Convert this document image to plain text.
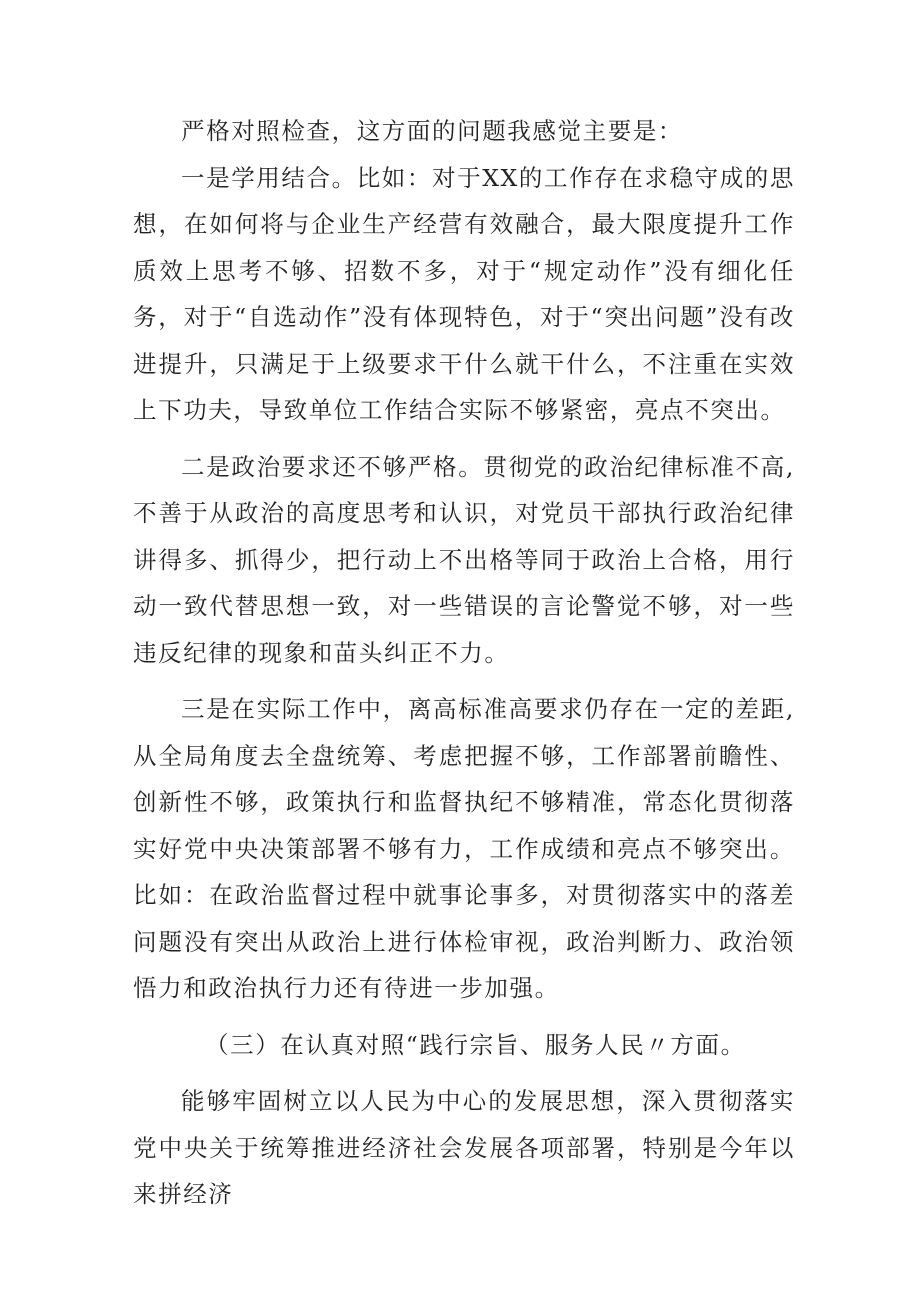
严格对照检查，这方面的问题我感觉主要是：

一是学用结合。比如：对于XX的工作存在求稳守成的思想，在如何将与企业生产经营有效融合，最大限度提升工作质效上思考不够、招数不多，对于“规定动作”没有细化任务，对于“自选动作”没有体现特色，对于“突出问题”没有改进提升，只满足于上级要求干什么就干什么，不注重在实效上下功夫，导致单位工作结合实际不够紧密，亮点不突出。

二是政治要求还不够严格。贯彻党的政治纪律标准不高,不善于从政治的高度思考和认识，对党员干部执行政治纪律讲得多、抓得少，把行动上不出格等同于政治上合格，用行动一致代替思想一致，对一些错误的言论警觉不够，对一些违反纪律的现象和苗头纠正不力。

三是在实际工作中，离高标准高要求仍存在一定的差距,从全局角度去全盘统筹、考虑把握不够，工作部署前瞻性、创新性不够，政策执行和监督执纪不够精准，常态化贯彻落实好党中央决策部署不够有力，工作成绩和亮点不够突出。比如：在政治监督过程中就事论事多，对贯彻落实中的落差问题没有突出从政治上进行体检审视，政治判断力、政治领悟力和政治执行力还有待进一步加强。

（三）在认真对照“践行宗旨、服务人民〃方面。

能够牢固树立以人民为中心的发展思想，深入贯彻落实党中央关于统筹推进经济社会发展各项部署，特别是今年以来拼经济
